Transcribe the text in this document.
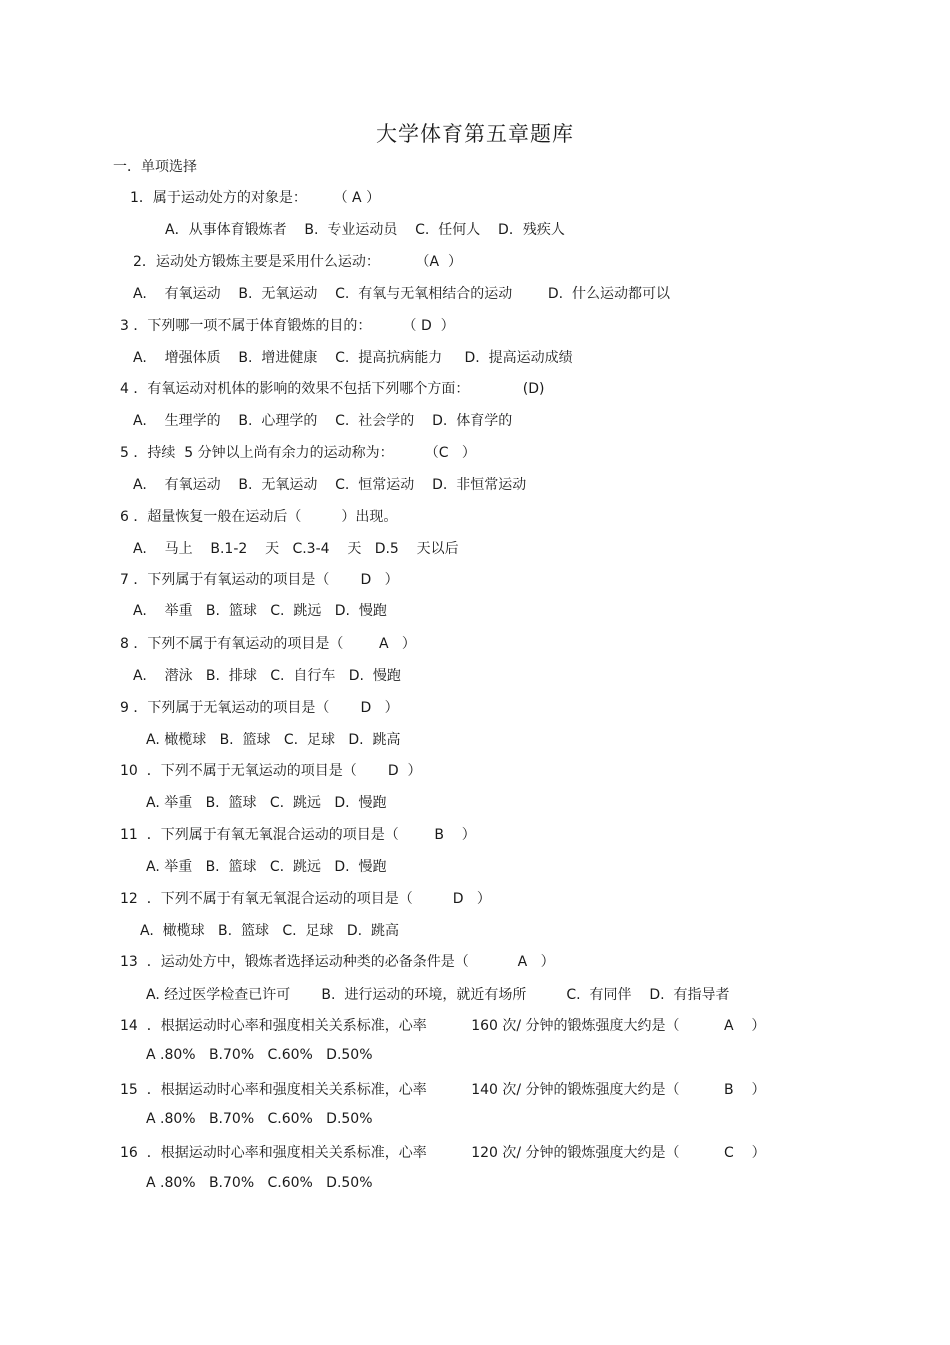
大学体育第五章题库
一．单项选择
1．属于运动处方的对象是：      （ A ）
A．从事体育锻炼者    B.  专业运动员    C.  任何人    D．残疾人
2．运动处方锻炼主要是采用什么运动：        （A  ）
A.    有氧运动    B.  无氧运动    C.  有氧与无氧相结合的运动        D.  什么运动都可以
3 ．下列哪一项不属于体育锻炼的目的：       （ D  ）
A.    增强体质    B.  增进健康    C.  提高抗病能力     D.  提高运动成绩
4 ．有氧运动对机体的影响的效果不包括下列哪个方面：            (D)
A.    生理学的    B.  心理学的    C.  社会学的    D.  体育学的
5 ．持续  5 分钟以上尚有余力的运动称为：       （C   ）
A.    有氧运动    B.  无氧运动    C.  恒常运动    D.  非恒常运动
6 ．超量恢复一般在运动后（         ）出现。
A.    马上    B.1-2    天   C.3-4    天   D.5    天以后
7 ．下列属于有氧运动的项目是（       D   ）
A.    举重   B.  篮球   C.  跳远   D.  慢跑
8 ．下列不属于有氧运动的项目是（        A   ）
A.    潜泳   B.  排球   C.  自行车   D.  慢跑
9 ．下列属于无氧运动的项目是（       D   ）
A. 橄榄球   B.  篮球   C.  足球   D.  跳高
10  ．下列不属于无氧运动的项目是（       D  ）
A. 举重   B.  篮球   C.  跳远   D.  慢跑
11  ．下列属于有氧无氧混合运动的项目是（        B    ）
A. 举重   B.  篮球   C.  跳远   D.  慢跑
12  ．下列不属于有氧无氧混合运动的项目是（         D   ）
A.  橄榄球   B.  篮球   C.  足球   D.  跳高
13  ．运动处方中，锻炼者选择运动种类的必备条件是（           A   ）
A. 经过医学检查已许可       B.  进行运动的环境，就近有场所         C.  有同伴    D.  有指导者
14  ．根据运动时心率和强度相关关系标准，心率          160 次/ 分钟的锻炼强度大约是（          A    ）
A .80%   B.70%   C.60%   D.50%
15  ．根据运动时心率和强度相关关系标准，心率          140 次/ 分钟的锻炼强度大约是（          B    ）
A .80%   B.70%   C.60%   D.50%
16  ．根据运动时心率和强度相关关系标准，心率          120 次/ 分钟的锻炼强度大约是（          C    ）
A .80%   B.70%   C.60%   D.50%
